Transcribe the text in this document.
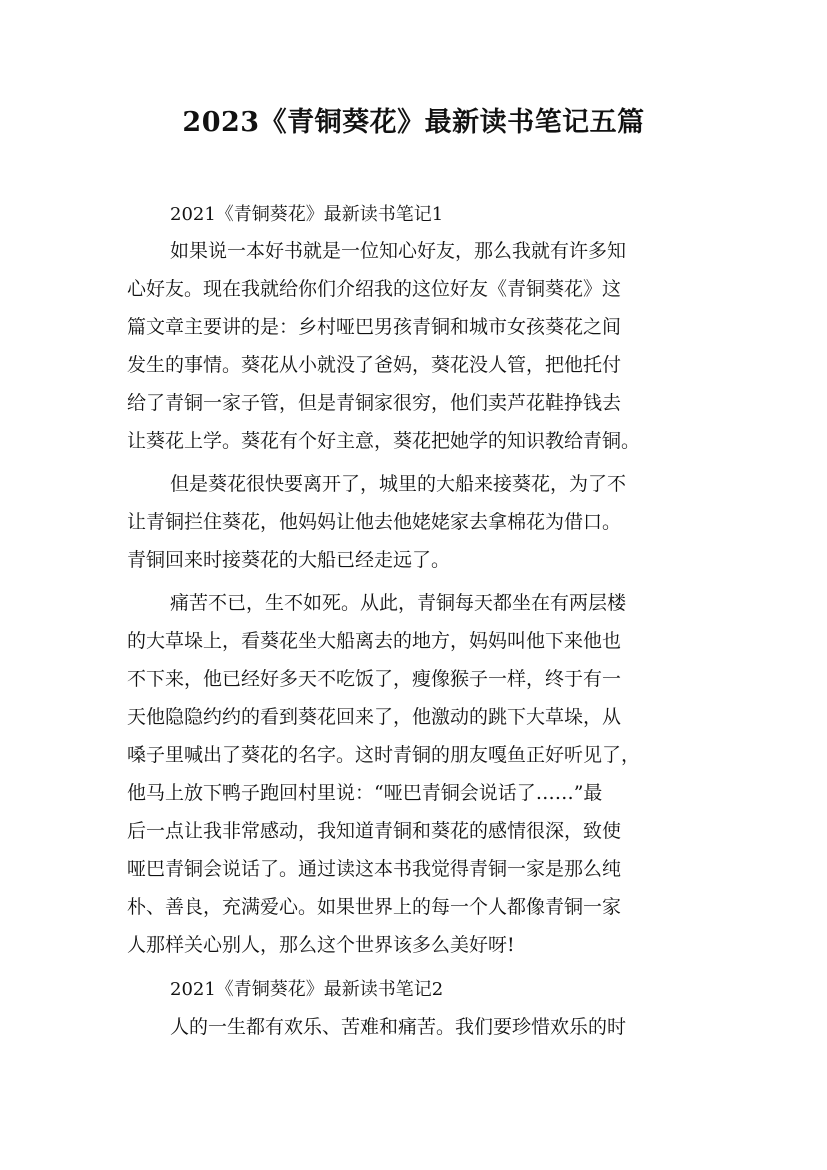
2023《青铜葵花》最新读书笔记五篇
2021《青铜葵花》最新读书笔记1
如果说一本好书就是一位知心好友，那么我就有许多知
心好友。现在我就给你们介绍我的这位好友《青铜葵花》这
篇文章主要讲的是：乡村哑巴男孩青铜和城市女孩葵花之间
发生的事情。葵花从小就没了爸妈，葵花没人管，把他托付
给了青铜一家子管，但是青铜家很穷，他们卖芦花鞋挣钱去
让葵花上学。葵花有个好主意，葵花把她学的知识教给青铜。
但是葵花很快要离开了，城里的大船来接葵花，为了不
让青铜拦住葵花，他妈妈让他去他姥姥家去拿棉花为借口。
青铜回来时接葵花的大船已经走远了。
痛苦不已，生不如死。从此，青铜每天都坐在有两层楼
的大草垛上，看葵花坐大船离去的地方，妈妈叫他下来他也
不下来，他已经好多天不吃饭了，瘦像猴子一样，终于有一
天他隐隐约约的看到葵花回来了，他激动的跳下大草垛，从
嗓子里喊出了葵花的名字。这时青铜的朋友嘎鱼正好听见了，
他马上放下鸭子跑回村里说：“哑巴青铜会说话了……”最
后一点让我非常感动，我知道青铜和葵花的感情很深，致使
哑巴青铜会说话了。通过读这本书我觉得青铜一家是那么纯
朴、善良，充满爱心。如果世界上的每一个人都像青铜一家
人那样关心别人，那么这个世界该多么美好呀!
2021《青铜葵花》最新读书笔记2
人的一生都有欢乐、苦难和痛苦。我们要珍惜欢乐的时
